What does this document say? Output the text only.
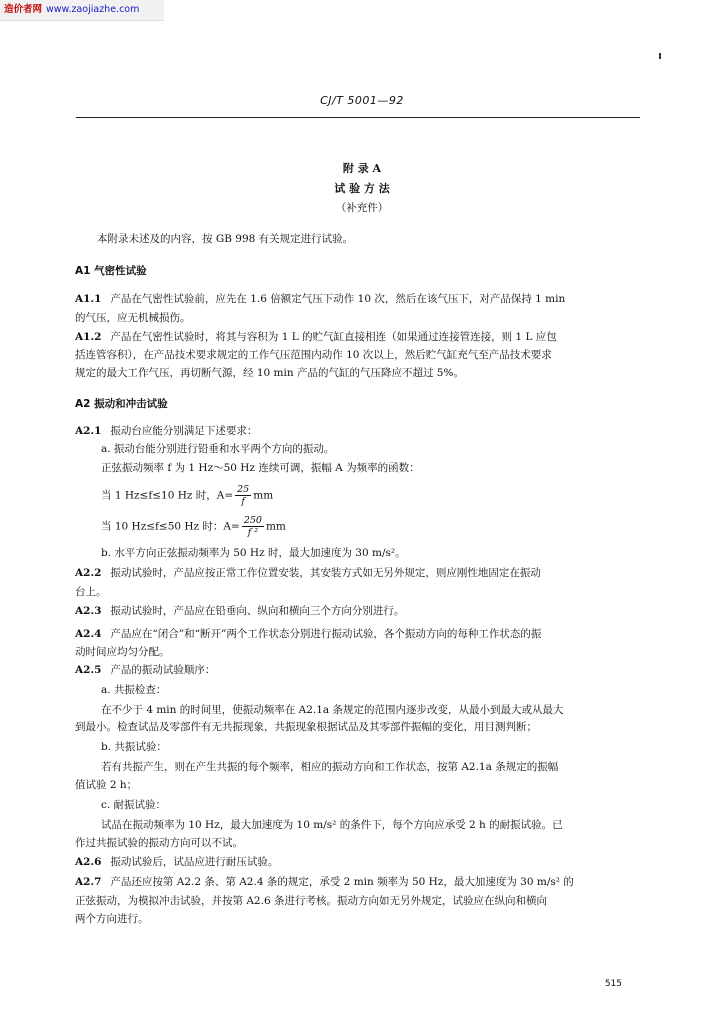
造价者网 www.zaojiazhe.com
CJ/T 5001—92
附 录 A
试 验 方 法
（补充件）
本附录未述及的内容，按 GB 998 有关规定进行试验。
A1 气密性试验
A1.1 产品在气密性试验前，应先在 1.6 倍额定气压下动作 10 次，然后在该气压下，对产品保持 1 min
的气压，应无机械损伤。
A1.2 产品在气密性试验时，将其与容积为 1 L 的贮气缸直接相连（如果通过连接管连接，则 1 L 应包
括连管容积），在产品技术要求规定的工作气压范围内动作 10 次以上，然后贮气缸充气至产品技术要求
规定的最大工作气压，再切断气源，经 10 min 产品的气缸的气压降应不超过 5%。
A2 振动和冲击试验
A2.1 振动台应能分别满足下述要求：
a. 振动台能分别进行铅垂和水平两个方向的振动。
正弦振动频率 f 为 1 Hz～50 Hz 连续可调，振幅 A 为频率的函数：
当 1 Hz≤f≤10 Hz 时，$A= \frac{25}{f}$ mm
当 10 Hz≤f≤50 Hz 时：$A= \frac{250}{\text{f ²}}$ mm
b. 水平方向正弦振动频率为 50 Hz 时，最大加速度为 30 m/s²。
A2.2 振动试验时，产品应按正常工作位置安装，其安装方式如无另外规定，则应刚性地固定在振动
台上。
A2.3 振动试验时，产品应在铅垂向、纵向和横向三个方向分别进行。
A2.4 产品应在“闭合”和“断开”两个工作状态分别进行振动试验，各个振动方向的每种工作状态的振
动时间应均匀分配。
A2.5 产品的振动试验顺序：
a. 共振检查：
在不少于 4 min 的时间里，使振动频率在 A2.1a 条规定的范围内逐步改变，从最小到最大或从最大
到最小。检查试品及零部件有无共振现象，共振现象根据试品及其零部件振幅的变化，用目测判断；
b. 共振试验：
若有共振产生，则在产生共振的每个频率，相应的振动方向和工作状态，按第 A2.1a 条规定的振幅
值试验 2 h；
c. 耐振试验：
试品在振动频率为 10 Hz，最大加速度为 10 m/s² 的条件下，每个方向应承受 2 h 的耐振试验。已
作过共振试验的振动方向可以不试。
A2.6 振动试验后，试品应进行耐压试验。
A2.7 产品还应按第 A2.2 条、第 A2.4 条的规定，承受 2 min 频率为 50 Hz，最大加速度为 30 m/s² 的
正弦振动，为模拟冲击试验，并按第 A2.6 条进行考核。振动方向如无另外规定，试验应在纵向和横向
两个方向进行。
515
